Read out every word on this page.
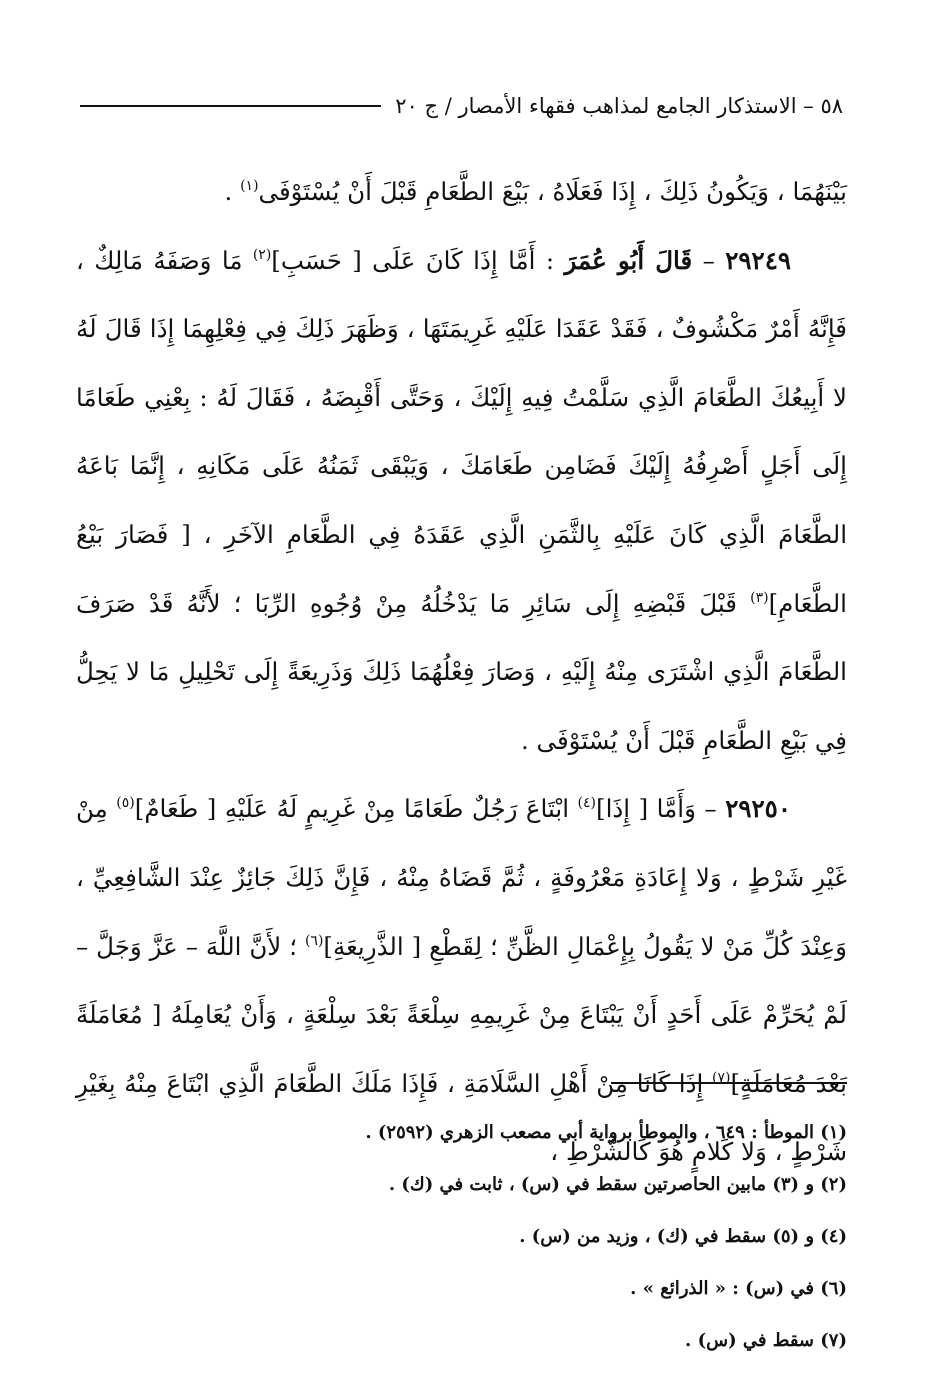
٥٨ – الاستذكار الجامع لمذاهب فقهاء الأمصار / ج ٢٠

بَيْنَهُمَا ، وَيَكُونُ ذَلِكَ ، إِذَا فَعَلَاهُ ، بَيْعَ الطَّعَامِ قَبْلَ أَنْ يُسْتَوْفَى$^{(١)}$ .

٢٩٢٤٩ – قَالَ أَبُو عُمَرَ : أَمَّا إِذَا كَانَ عَلَى [ حَسَبِ]$^{(٢)}$ مَا وَصَفَهُ مَالِكٌ ، فَإِنَّهُ أَمْرٌ مَكْشُوفٌ ، فَقَدْ عَقَدَا عَلَيْهِ غَرِيمَتَهَا ، وَظَهَرَ ذَلِكَ فِي فِعْلِهِمَا إِذَا قَالَ لَهُ لا أَبِيعُكَ الطَّعَامَ الَّذِي سَلَّمْتُ فِيهِ إِلَيْكَ ، وَحَتَّى أَقْبِضَهُ ، فَقَالَ لَهُ : بِعْنِي طَعَامًا إِلَى أَجَلٍ أَصْرِفُهُ إِلَيْكَ فَضَامِن طَعَامَكَ ، وَيَبْقَى ثَمَنُهُ عَلَى مَكَانِهِ ، إِنَّمَا بَاعَهُ الطَّعَامَ الَّذِي كَانَ عَلَيْهِ بِالثَّمَنِ الَّذِي عَقَدَهُ فِي الطَّعَامِ الآخَرِ ، [ فَصَارَ بَيْعُ الطَّعَامِ]$^{(٣)}$ قَبْلَ قَبْضِهِ إِلَى سَائِرِ مَا يَدْخُلُهُ مِنْ وُجُوهِ الرِّبَا ؛ لأَنَّهُ قَدْ صَرَفَ الطَّعَامَ الَّذِي اشْتَرَى مِنْهُ إِلَيْهِ ، وَصَارَ فِعْلُهُمَا ذَلِكَ وَذَرِيعَةً إِلَى تَحْلِيلِ مَا لا يَحِلُّ فِي بَيْعِ الطَّعَامِ قَبْلَ أَنْ يُسْتَوْفَى .

٢٩٢٥٠ – وَأَمَّا [ إِذَا]$^{(٤)}$ ابْتَاعَ رَجُلٌ طَعَامًا مِنْ غَرِيمٍ لَهُ عَلَيْهِ [ طَعَامٌ]$^{(٥)}$ مِنْ غَيْرِ شَرْطٍ ، وَلا إِعَادَةِ مَعْرُوفَةٍ ، ثُمَّ قَضَاهُ مِنْهُ ، فَإِنَّ ذَلِكَ جَائِزٌ عِنْدَ الشَّافِعِيِّ ، وَعِنْدَ كُلِّ مَنْ لا يَقُولُ بِإِعْمَالِ الظَّنِّ ؛ لِقَطْعِ [ الذَّرِيعَةِ]$^{(٦)}$ ؛ لأَنَّ اللَّهَ – عَزَّ وَجَلَّ – لَمْ يُحَرِّمْ عَلَى أَحَدٍ أَنْ يَبْتَاعَ مِنْ غَرِيمِهِ سِلْعَةً بَعْدَ سِلْعَةٍ ، وَأَنْ يُعَامِلَهُ [ مُعَامَلَةً بَعْدَ مُعَامَلَةٍ]$^{(٧)}$ إِذَا كَانَا مِنْ أَهْلِ السَّلَامَةِ ، فَإِذَا مَلَكَ الطَّعَامَ الَّذِي ابْتَاعَ مِنْهُ بِغَيْرِ شَرْطٍ ، وَلا كَلامٍ هُوَ كَالشَّرْطِ ،

(١) الموطأ : ٦٤٩ ، والموطأ برواية أبي مصعب الزهري (٢٥٩٢) .

(٢) و (٣) مابين الحاصرتين سقط في (س) ، ثابت في (ك) .

(٤) و (٥) سقط في (ك) ، وزيد من (س) .

(٦) في (س) : « الذرائع » .

(٧) سقط في (س) .
